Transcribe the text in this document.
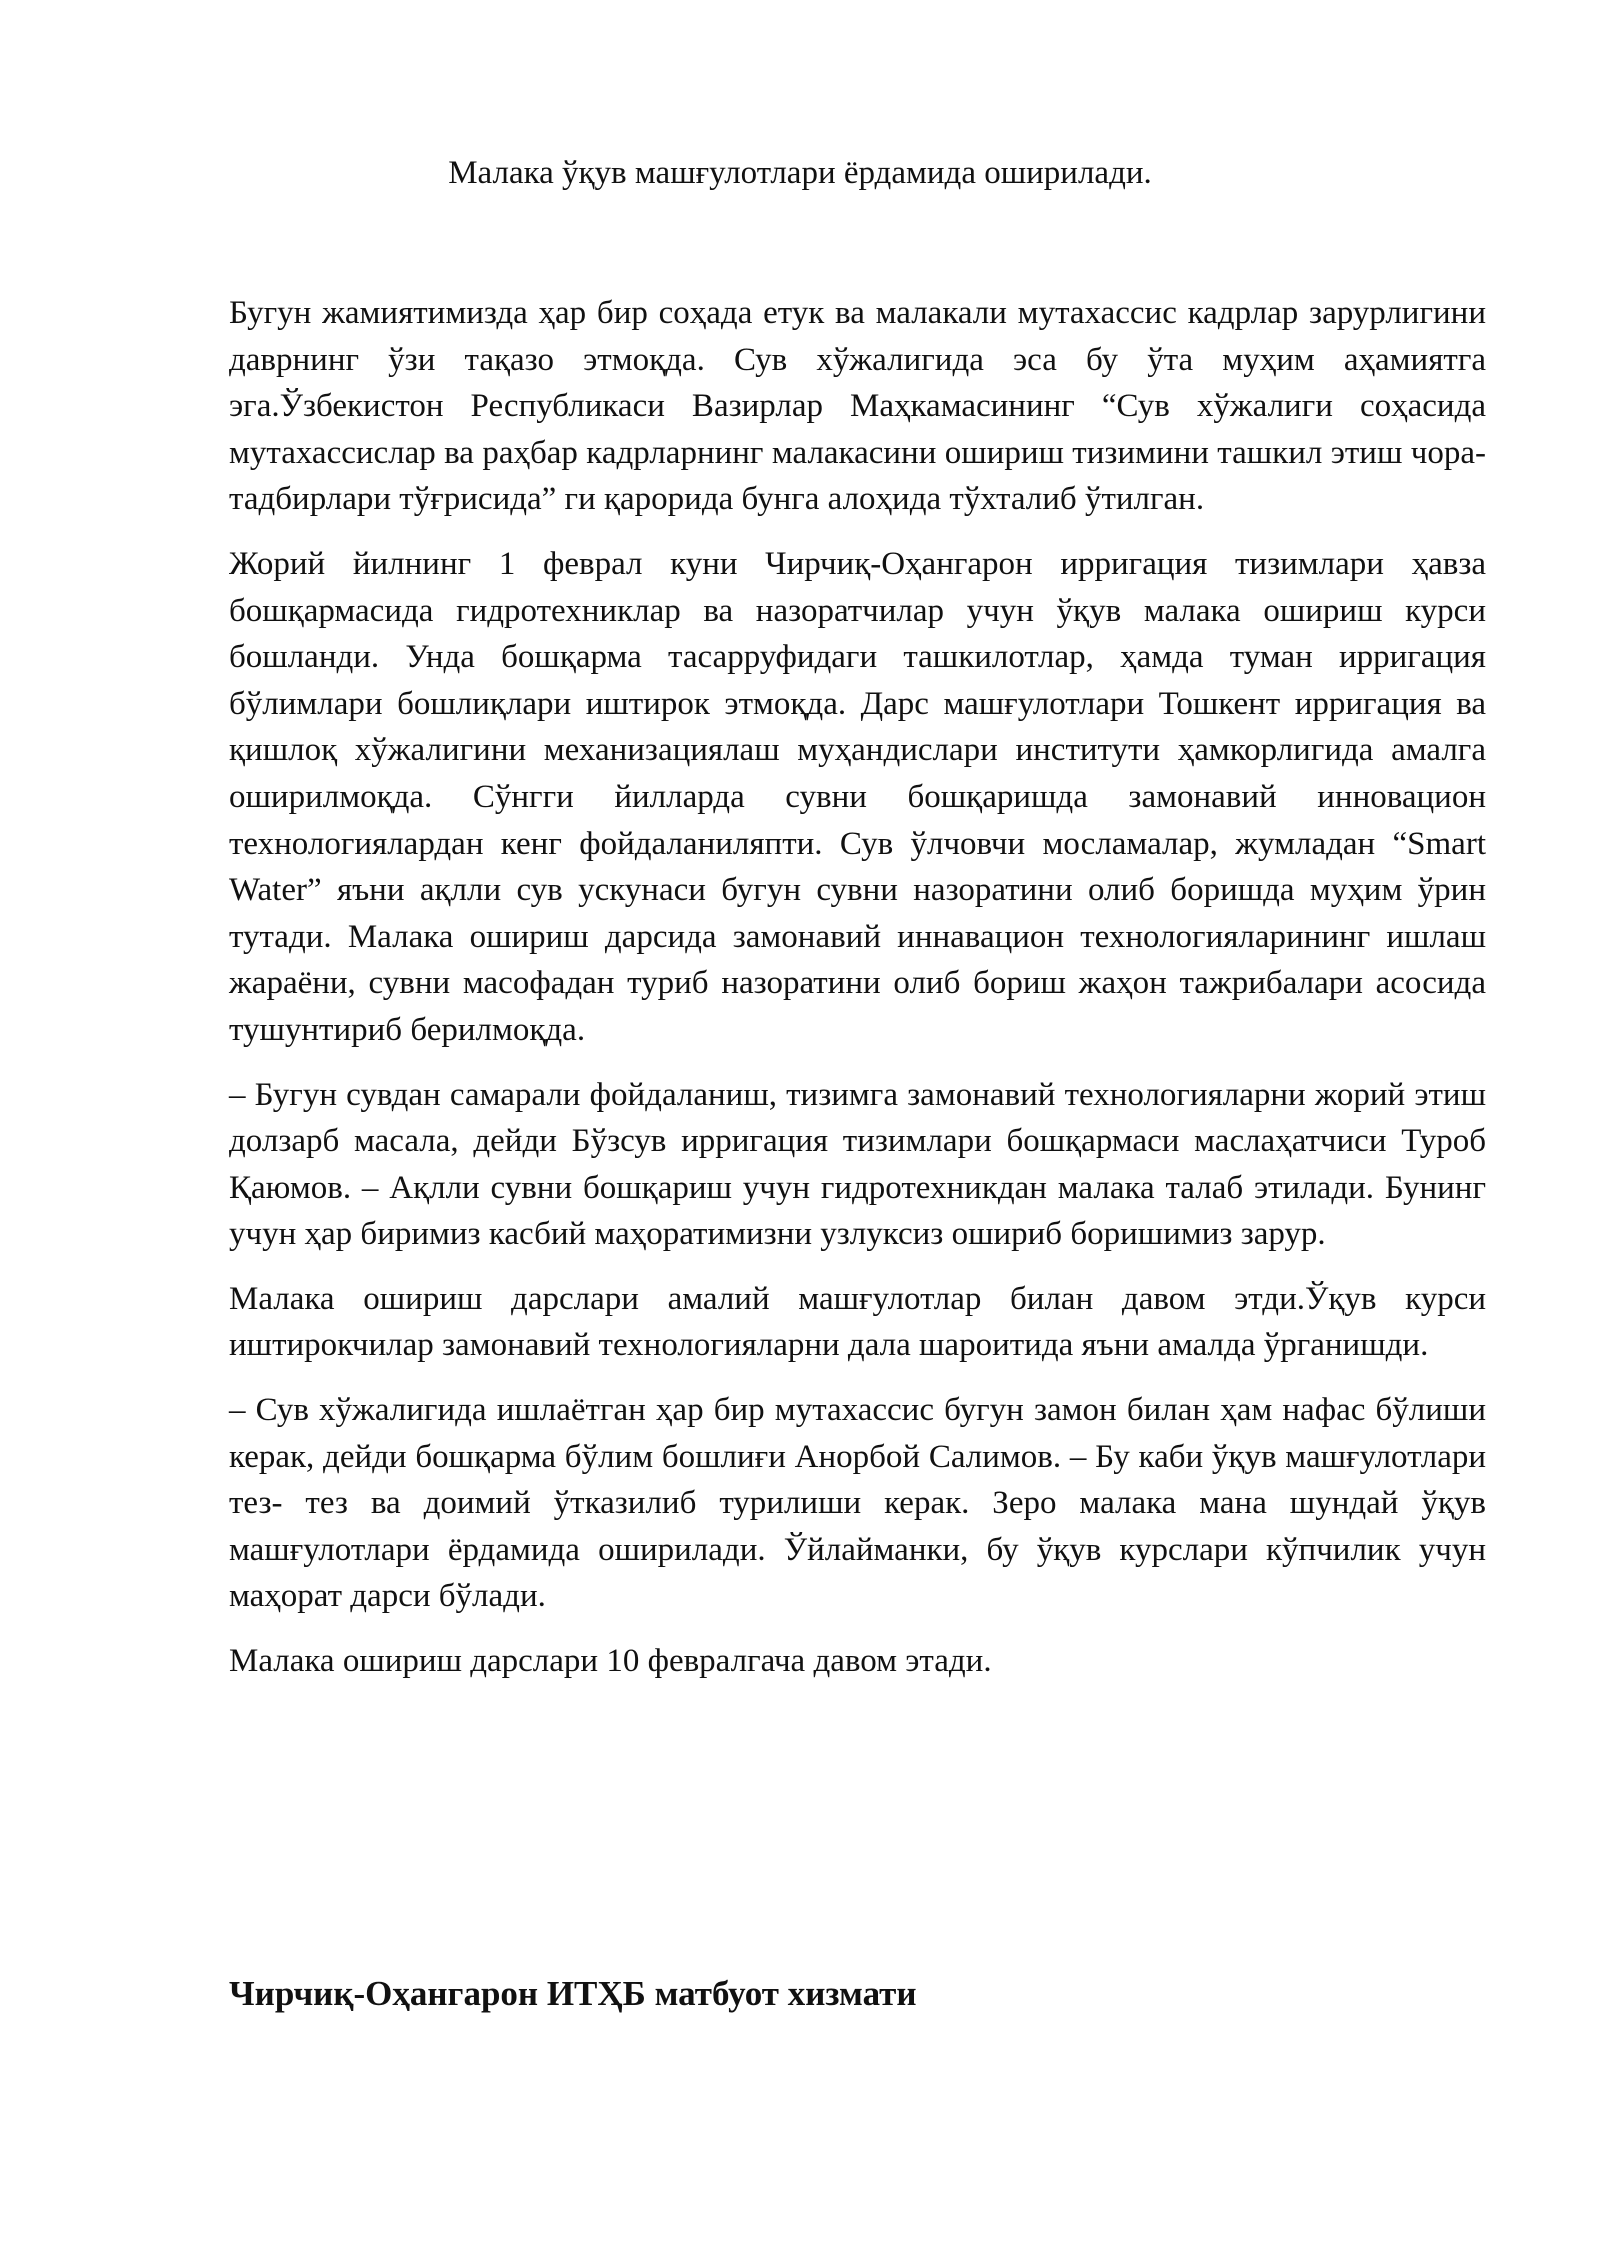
Малака ўқув машғулотлари ёрдамида оширилади.

Бугун жамиятимизда ҳар бир соҳада етук ва малакали мутахассис кадрлар зарурлигини даврнинг ўзи тақазо этмоқда. Сув хўжалигида эса бу ўта муҳим аҳамиятга эга.Ўзбекистон Республикаси Вазирлар Маҳкамасининг “Сув хўжалиги соҳасида мутахассислар ва раҳбар кадрларнинг малакасини ошириш тизимини ташкил этиш чора-тадбирлари тўғрисида” ги қарорида бунга алоҳида тўхталиб ўтилган.

Жорий йилнинг 1 феврал куни Чирчиқ-Оҳангарон ирригация тизимлари ҳавза бошқармасида гидротехниклар ва назоратчилар учун ўқув малака ошириш курси бошланди. Унда бошқарма тасарруфидаги ташкилотлар, ҳамда туман ирригация бўлимлари бошлиқлари иштирок этмоқда. Дарс машғулотлари Тошкент ирригация ва қишлоқ хўжалигини механизациялаш муҳандислари институти ҳамкорлигида амалга оширилмоқда. Сўнгги йилларда сувни бошқаришда замонавий инновацион технологиялардан кенг фойдаланиляпти. Сув ўлчовчи мосламалар, жумладан “Smart Water” яъни ақлли сув ускунаси бугун сувни назоратини олиб боришда муҳим ўрин тутади. Малака ошириш дарсида замонавий иннавацион технологияларининг ишлаш жараёни, сувни масофадан туриб назоратини олиб бориш жаҳон тажрибалари асосида тушунтириб берилмоқда.

– Бугун сувдан самарали фойдаланиш, тизимга замонавий технологияларни жорий этиш долзарб масала, дейди Бўзсув ирригация тизимлари бошқармаси маслаҳатчиси Туроб Қаюмов. – Ақлли сувни бошқариш учун гидротехникдан малака талаб этилади. Бунинг учун ҳар биримиз касбий маҳоратимизни узлуксиз ошириб боришимиз зарур.

Малака ошириш дарслари амалий машғулотлар билан давом этди.Ўқув курси иштирокчилар замонавий технологияларни дала шароитида яъни амалда ўрганишди.

– Сув хўжалигида ишлаётган ҳар бир мутахассис бугун замон билан ҳам нафас бўлиши керак, дейди бошқарма бўлим бошлиғи Анорбой Салимов. – Бу каби ўқув машғулотлари тез- тез ва доимий ўтказилиб турилиши керак. Зеро малака мана шундай ўқув машғулотлари ёрдамида оширилади. Ўйлайманки, бу ўқув курслари кўпчилик учун маҳорат дарси бўлади.

Малака ошириш дарслари 10 февралгача давом этади.

Чирчиқ-Оҳангарон ИТҲБ матбуот хизмати
